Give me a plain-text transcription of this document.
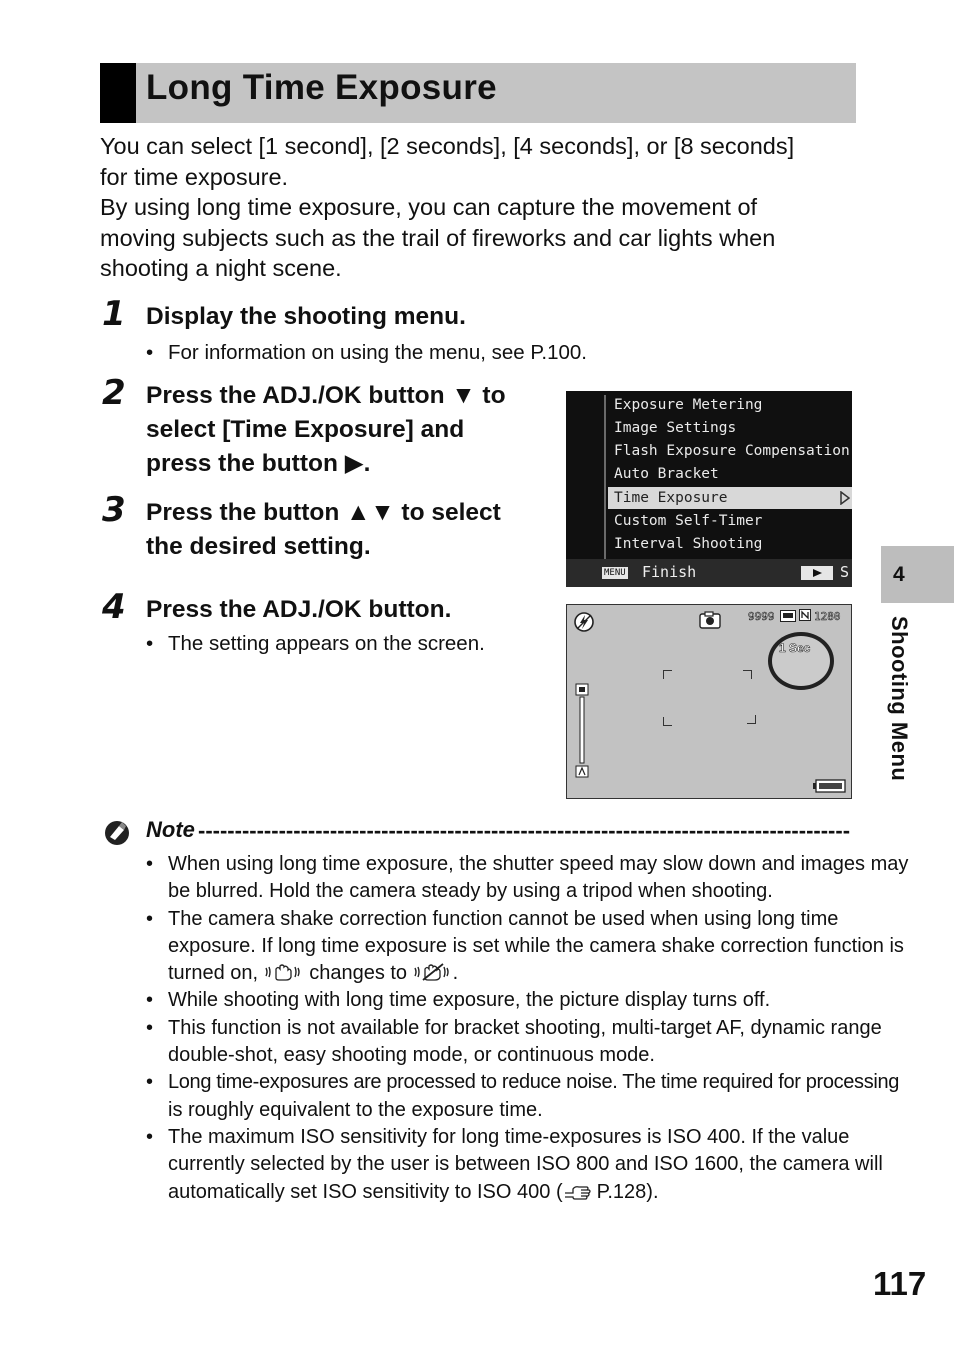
Long Time Exposure

You can select [1 second], [2 seconds], [4 seconds], or [8 seconds]

for time exposure.

By using long time exposure, you can capture the movement of

moving subjects such as the trail of fireworks and car lights when

shooting a night scene.

1 Display the shooting menu.
• For information on using the menu, see P.100.
2 Press the ADJ./OK button ▼ to
select [Time Exposure] and
press the button ▶.
3 Press the button ▲▼ to select
the desired setting.
4 Press the ADJ./OK button.
• The setting appears on the screen.
Exposure Metering
Image Settings
Flash Exposure Compensation
Auto Bracket
Time Exposure
Custom Self-Timer
Interval Shooting
MENU Finish	S
9999	1280
1 Sec
4
Shooting Menu
Note -----------------------------------------------------------------------------------------
• When using long time exposure, the shutter speed may slow down and images may
be blurred. Hold the camera steady by using a tripod when shooting.
• The camera shake correction function cannot be used when using long time
exposure. If long time exposure is set while the camera shake correction function is
turned on,	changes to .
• While shooting with long time exposure, the picture display turns off.
• This function is not available for bracket shooting, multi-target AF, dynamic range
double-shot, easy shooting mode, or continuous mode.
• Long time-exposures are processed to reduce noise. The time required for processing
is roughly equivalent to the exposure time.
• The maximum ISO sensitivity for long time-exposures is ISO 400. If the value
currently selected by the user is between ISO 800 and ISO 1600, the camera will
automatically set ISO sensitivity to ISO 400 ( P.128).
117
